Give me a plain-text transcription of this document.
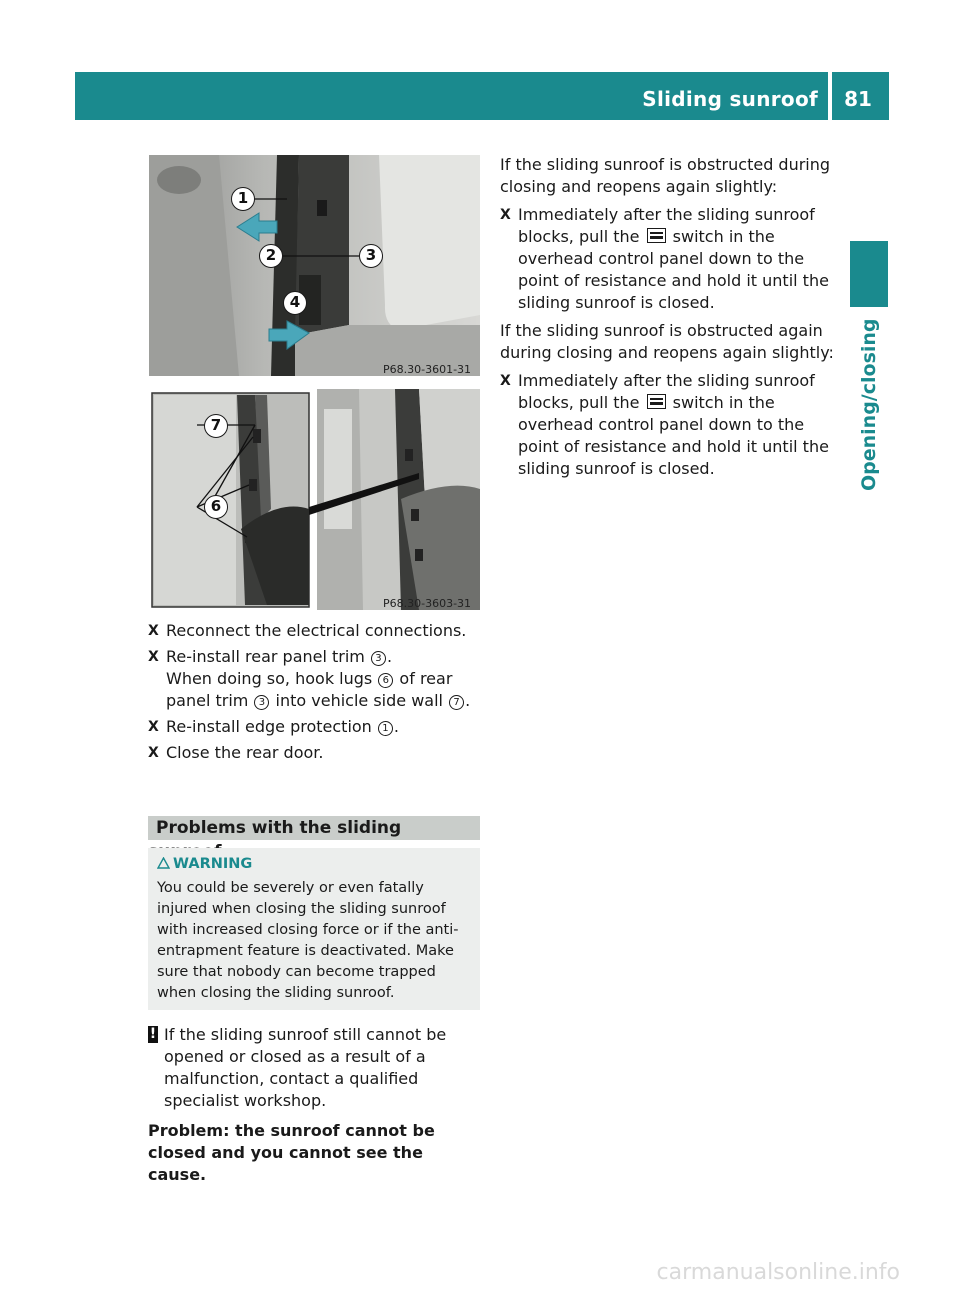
Sliding sunroof	81
Opening/closing
1
2	3
4
P68.30-3601-31
7
6
P68.30-3603-31
X Reconnect the electrical connections.
X Re-install rear panel trim 3 .
When doing so, hook lugs 6 of rear panel trim 3 into vehicle side wall 7 .
X Re-install edge protection 1 .
X Close the rear door.
Problems with the sliding
WARNING
You could be severely or even fatally injured when closing the sliding sunroof with increased closing force or if the anti-entrapment feature is deactivated. Make sure that nobody can become trapped when closing the sliding sunroof.
! If the sliding sunroof still cannot be opened or closed as a result of a malfunction, contact a qualified specialist workshop.
Problem: the sunroof cannot be closed and you cannot see the cause.
If the sliding sunroof is obstructed during closing and reopens again slightly:
X Immediately after the sliding sunroof blocks, pull the  switch in the overhead control panel down to the point of resistance and hold it until the sliding sunroof is closed.
If the sliding sunroof is obstructed again during closing and reopens again slightly:
X Immediately after the sliding sunroof blocks, pull the  switch in the overhead control panel down to the point of resistance and hold it until the sliding sunroof is closed.
carmanualsonline.info
